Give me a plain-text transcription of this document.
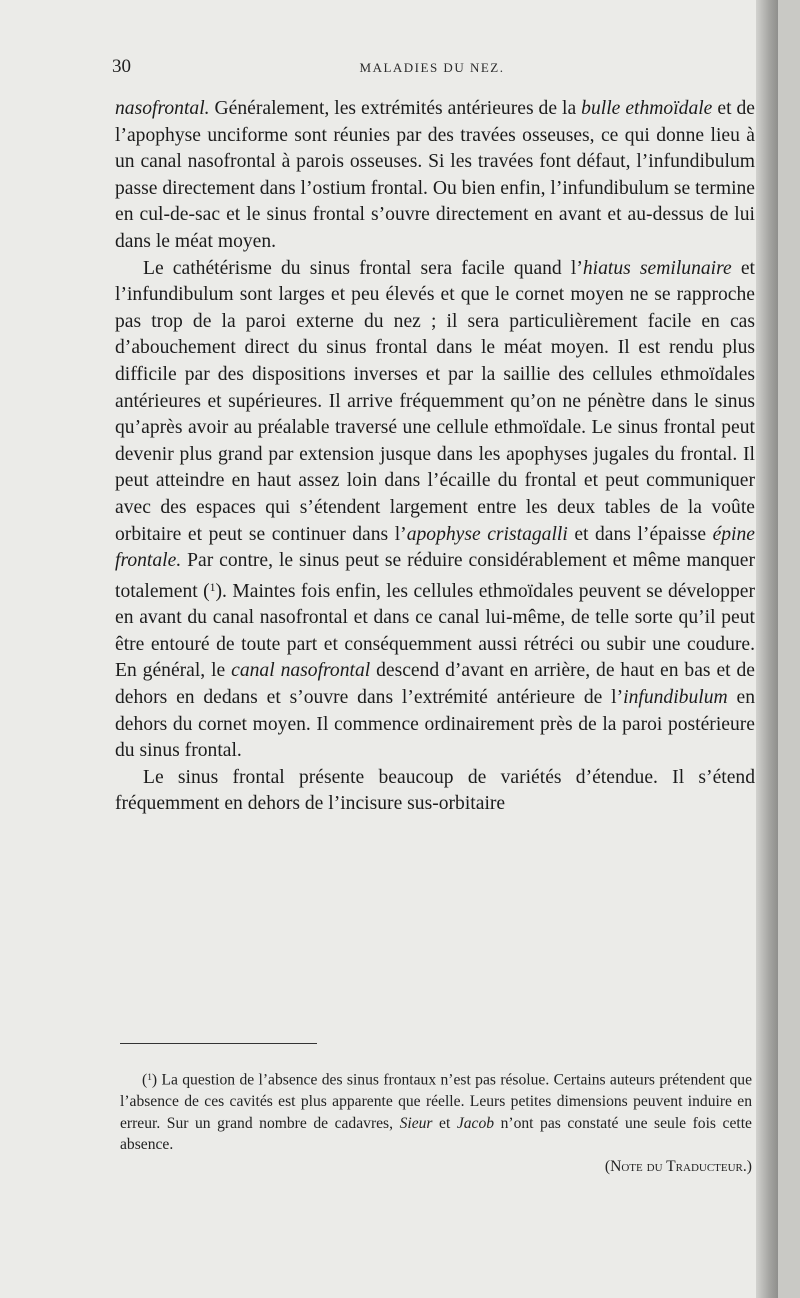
30	MALADIES DU NEZ.

nasofrontal. Généralement, les extrémités antérieures de la bulle ethmoïdale et de l’apophyse unciforme sont réunies par des travées osseuses, ce qui donne lieu à un canal nasofrontal à parois osseuses. Si les travées font défaut, l’infundibulum passe directement dans l’ostium frontal. Ou bien enfin, l’infundibulum se termine en cul-de-sac et le sinus frontal s’ouvre directement en avant et au-dessus de lui dans le méat moyen.

Le cathétérisme du sinus frontal sera facile quand l’hiatus semilunaire et l’infundibulum sont larges et peu élevés et que le cornet moyen ne se rapproche pas trop de la paroi externe du nez ; il sera particulièrement facile en cas d’abouchement direct du sinus frontal dans le méat moyen. Il est rendu plus difficile par des dispositions inverses et par la saillie des cellules ethmoïdales antérieures et supérieures. Il arrive fréquemment qu’on ne pénètre dans le sinus qu’après avoir au préalable traversé une cellule ethmoïdale. Le sinus frontal peut devenir plus grand par extension jusque dans les apophyses jugales du frontal. Il peut atteindre en haut assez loin dans l’écaille du frontal et peut communiquer avec des espaces qui s’étendent largement entre les deux tables de la voûte orbitaire et peut se continuer dans l’apophyse cristagalli et dans l’épaisse épine frontale. Par contre, le sinus peut se réduire considérablement et même manquer totalement ($^1$). Maintes fois enfin, les cellules ethmoïdales peuvent se développer en avant du canal nasofrontal et dans ce canal lui-même, de telle sorte qu’il peut être entouré de toute part et conséquemment aussi rétréci ou subir une coudure. En général, le canal nasofrontal descend d’avant en arrière, de haut en bas et de dehors en dedans et s’ouvre dans l’extrémité antérieure de l’infundibulum en dehors du cornet moyen. Il commence ordinairement près de la paroi postérieure du sinus frontal.

Le sinus frontal présente beaucoup de variétés d’étendue. Il s’étend fréquemment en dehors de l’incisure sus-orbitaire

($^1$) La question de l’absence des sinus frontaux n’est pas résolue. Certains auteurs prétendent que l’absence de ces cavités est plus apparente que réelle. Leurs petites dimensions peuvent induire en erreur. Sur un grand nombre de cadavres, Sieur et Jacob n’ont pas constaté une seule fois cette absence.
(Note du Traducteur.)
